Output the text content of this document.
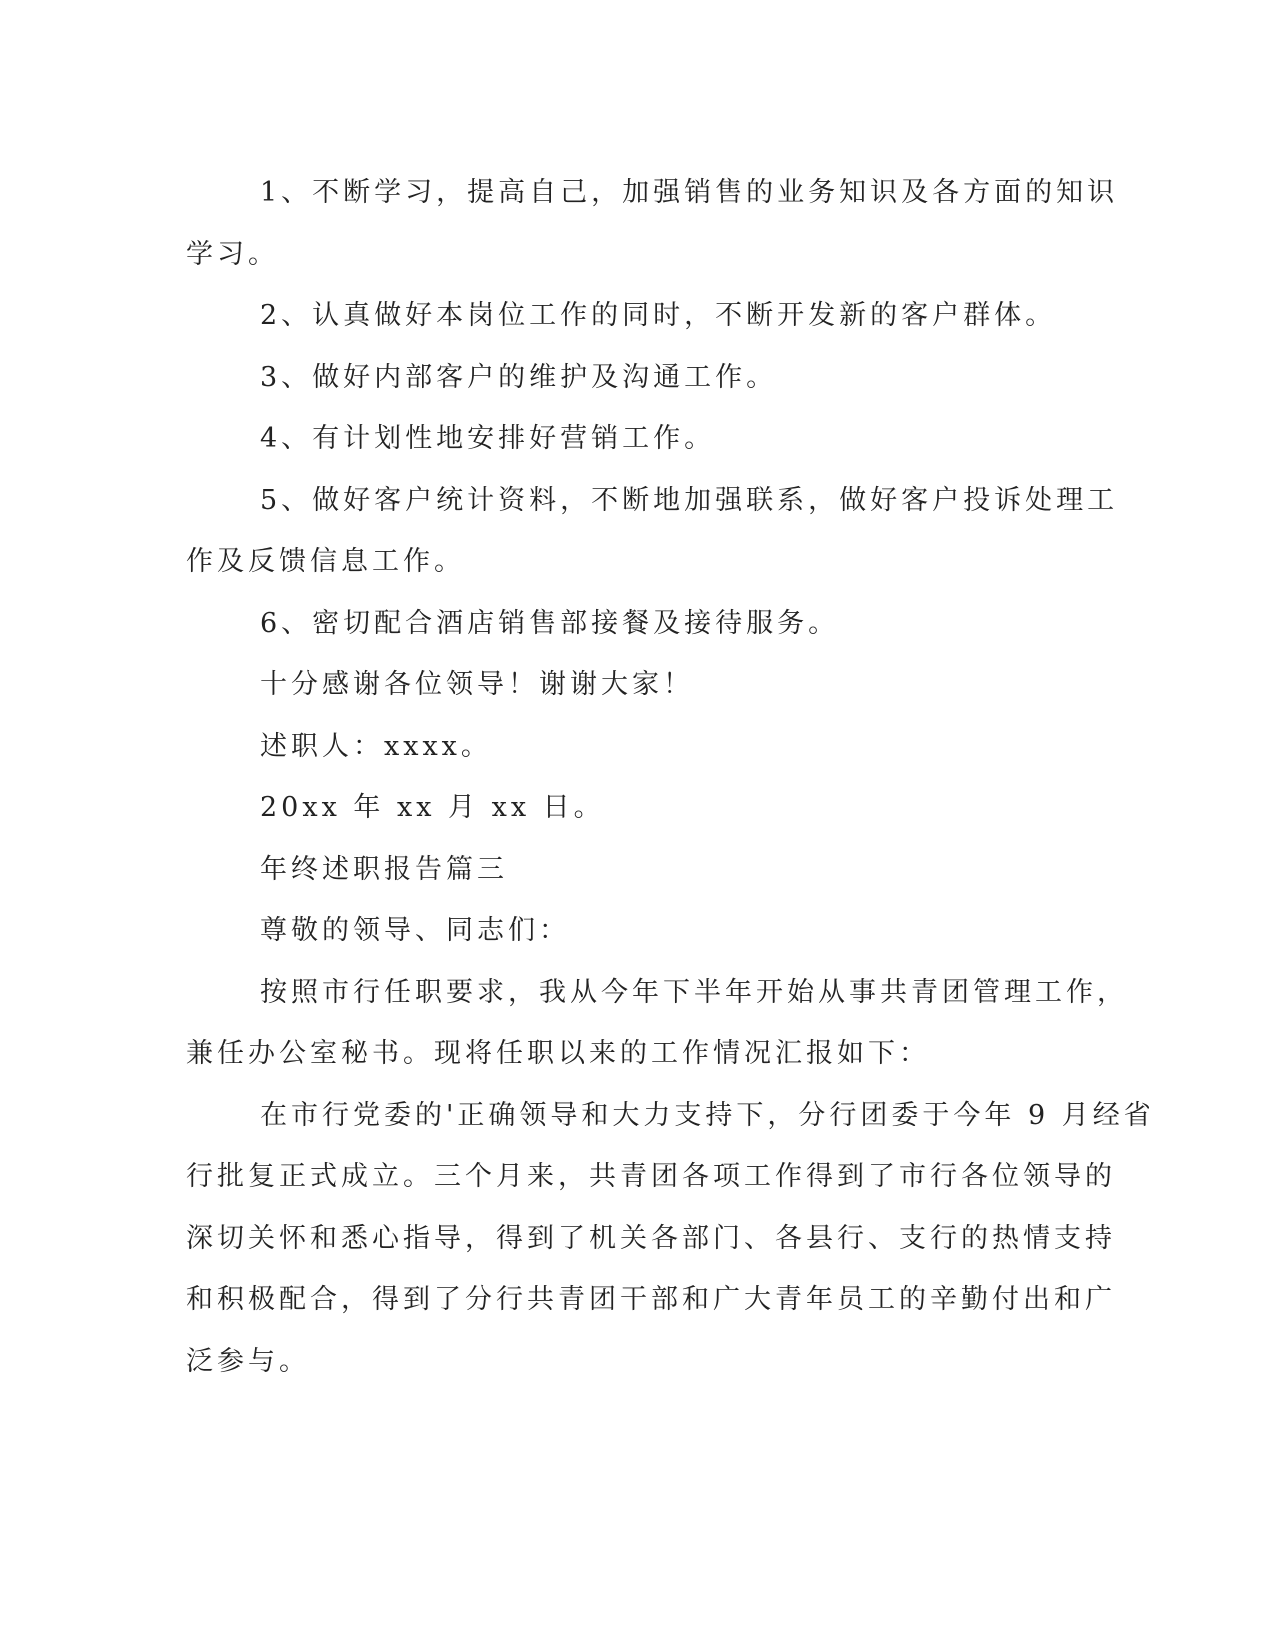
1、不断学习，提高自己，加强销售的业务知识及各方面的知识
学习。
2、认真做好本岗位工作的同时，不断开发新的客户群体。
3、做好内部客户的维护及沟通工作。
4、有计划性地安排好营销工作。
5、做好客户统计资料，不断地加强联系，做好客户投诉处理工
作及反馈信息工作。
6、密切配合酒店销售部接餐及接待服务。
十分感谢各位领导！谢谢大家！
述职人：xxxx。
20xx 年 xx 月 xx 日。
年终述职报告篇三
尊敬的领导、同志们：
按照市行任职要求，我从今年下半年开始从事共青团管理工作，
兼任办公室秘书。现将任职以来的工作情况汇报如下：
在市行党委的'正确领导和大力支持下，分行团委于今年 9 月经省
行批复正式成立。三个月来，共青团各项工作得到了市行各位领导的
深切关怀和悉心指导，得到了机关各部门、各县行、支行的热情支持
和积极配合，得到了分行共青团干部和广大青年员工的辛勤付出和广
泛参与。
